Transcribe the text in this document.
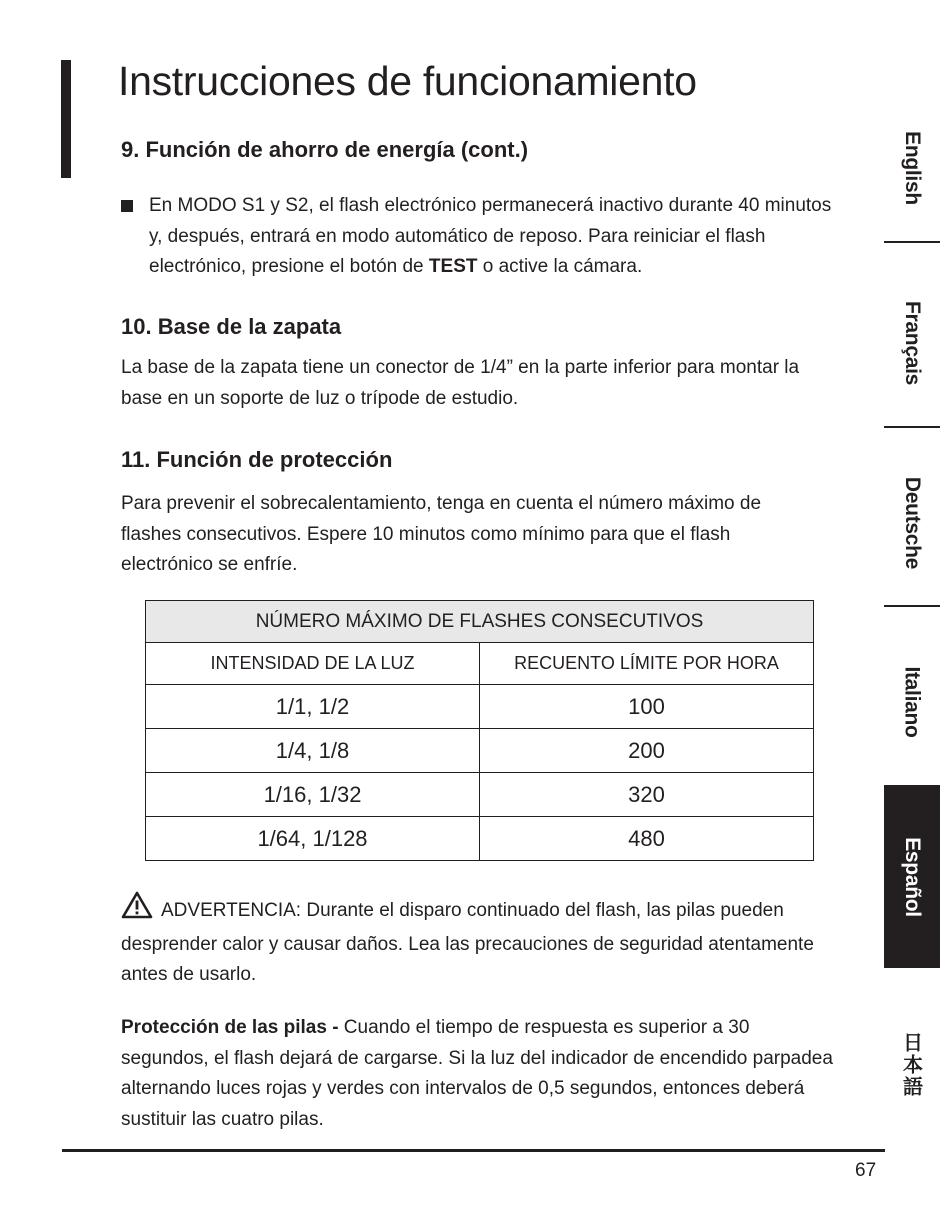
Instrucciones de funcionamiento
9. Función de ahorro de energía (cont.)

En MODO S1 y S2, el flash electrónico permanecerá inactivo durante 40 minutos y, después, entrará en modo automático de reposo. Para reiniciar el flash electrónico, presione el botón de TEST o active la cámara.

10. Base de la zapata

La base de la zapata tiene un conector de 1/4” en la parte inferior para montar la base en un soporte de luz o trípode de estudio.

11. Función de protección

Para prevenir el sobrecalentamiento, tenga en cuenta el número máximo de flashes consecutivos. Espere 10 minutos como mínimo para que el flash electrónico se enfríe.

NÚMERO MÁXIMO DE FLASHES CONSECUTIVOS	
INTENSIDAD DE LA LUZ	RECUENTO LÍMITE POR HORA
1/1, 1/2	100
1/4, 1/8	200
1/16, 1/32	320
1/64, 1/128	480

ADVERTENCIA: Durante el disparo continuado del flash, las pilas pueden desprender calor y causar daños. Lea las precauciones de seguridad atentamente antes de usarlo.

Protección de las pilas - Cuando el tiempo de respuesta es superior a 30 segundos, el flash dejará de cargarse. Si la luz del indicador de encendido parpadea alternando luces rojas y verdes con intervalos de 0,5 segundos, entonces deberá sustituir las cuatro pilas.

English
Français
Deutsche
Italiano
Español
日本語
67
